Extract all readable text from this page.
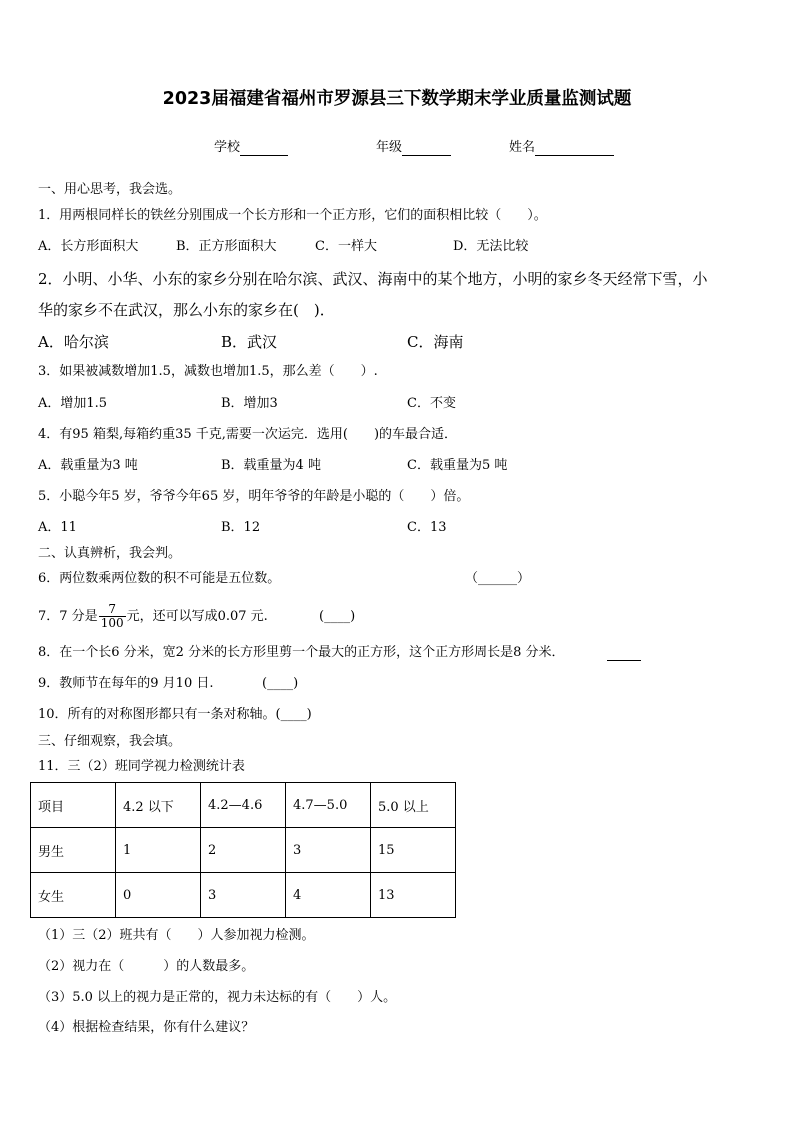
2023届福建省福州市罗源县三下数学期末学业质量监测试题
学校	年级	姓名
一、用心思考，我会选。
1．用两根同样长的铁丝分别围成一个长方形和一个正方形，它们的面积相比较（　　）。
A．长方形面积大	B．正方形面积大	C．一样大	D．无法比较
2．小明、小华、小东的家乡分别在哈尔滨、武汉、海南中的某个地方，小明的家乡冬天经常下雪，小
华的家乡不在武汉，那么小东的家乡在(　)．
A．哈尔滨	B．武汉	C．海南
3．如果被减数增加1.5，减数也增加1.5，那么差（　　）.
A．增加1.5	B．增加3	C．不变
4．有95 箱梨,每箱约重35 千克,需要一次运完．选用(　　)的车最合适．
A．载重量为3 吨	B．载重量为4 吨	C．载重量为5 吨
5．小聪今年5 岁，爷爷今年65 岁，明年爷爷的年龄是小聪的（　　）倍。
A．11	B．12	C．13
二、认真辨析，我会判。
6．两位数乘两位数的积不可能是五位数。	（______）
7．7 分是 $\frac{7}{100}$ 元，还可以写成0.07 元.	(____)
8．在一个长6 分米，宽2 分米的长方形里剪一个最大的正方形，这个正方形周长是8 分米．
9．教师节在每年的9 月10 日.	(____)
10．所有的对称图形都只有一条对称轴。(____)
三、仔细观察，我会填。
11．三（2）班同学视力检测统计表
项目	4.2 以下	4.2—4.6	4.7—5.0	5.0 以上
男生	1	2	3	15
女生	0	3	4	13
（1）三（2）班共有（　　）人参加视力检测。
（2）视力在（　　　）的人数最多。
（3）5.0 以上的视力是正常的，视力未达标的有（　　）人。
（4）根据检查结果，你有什么建议？
